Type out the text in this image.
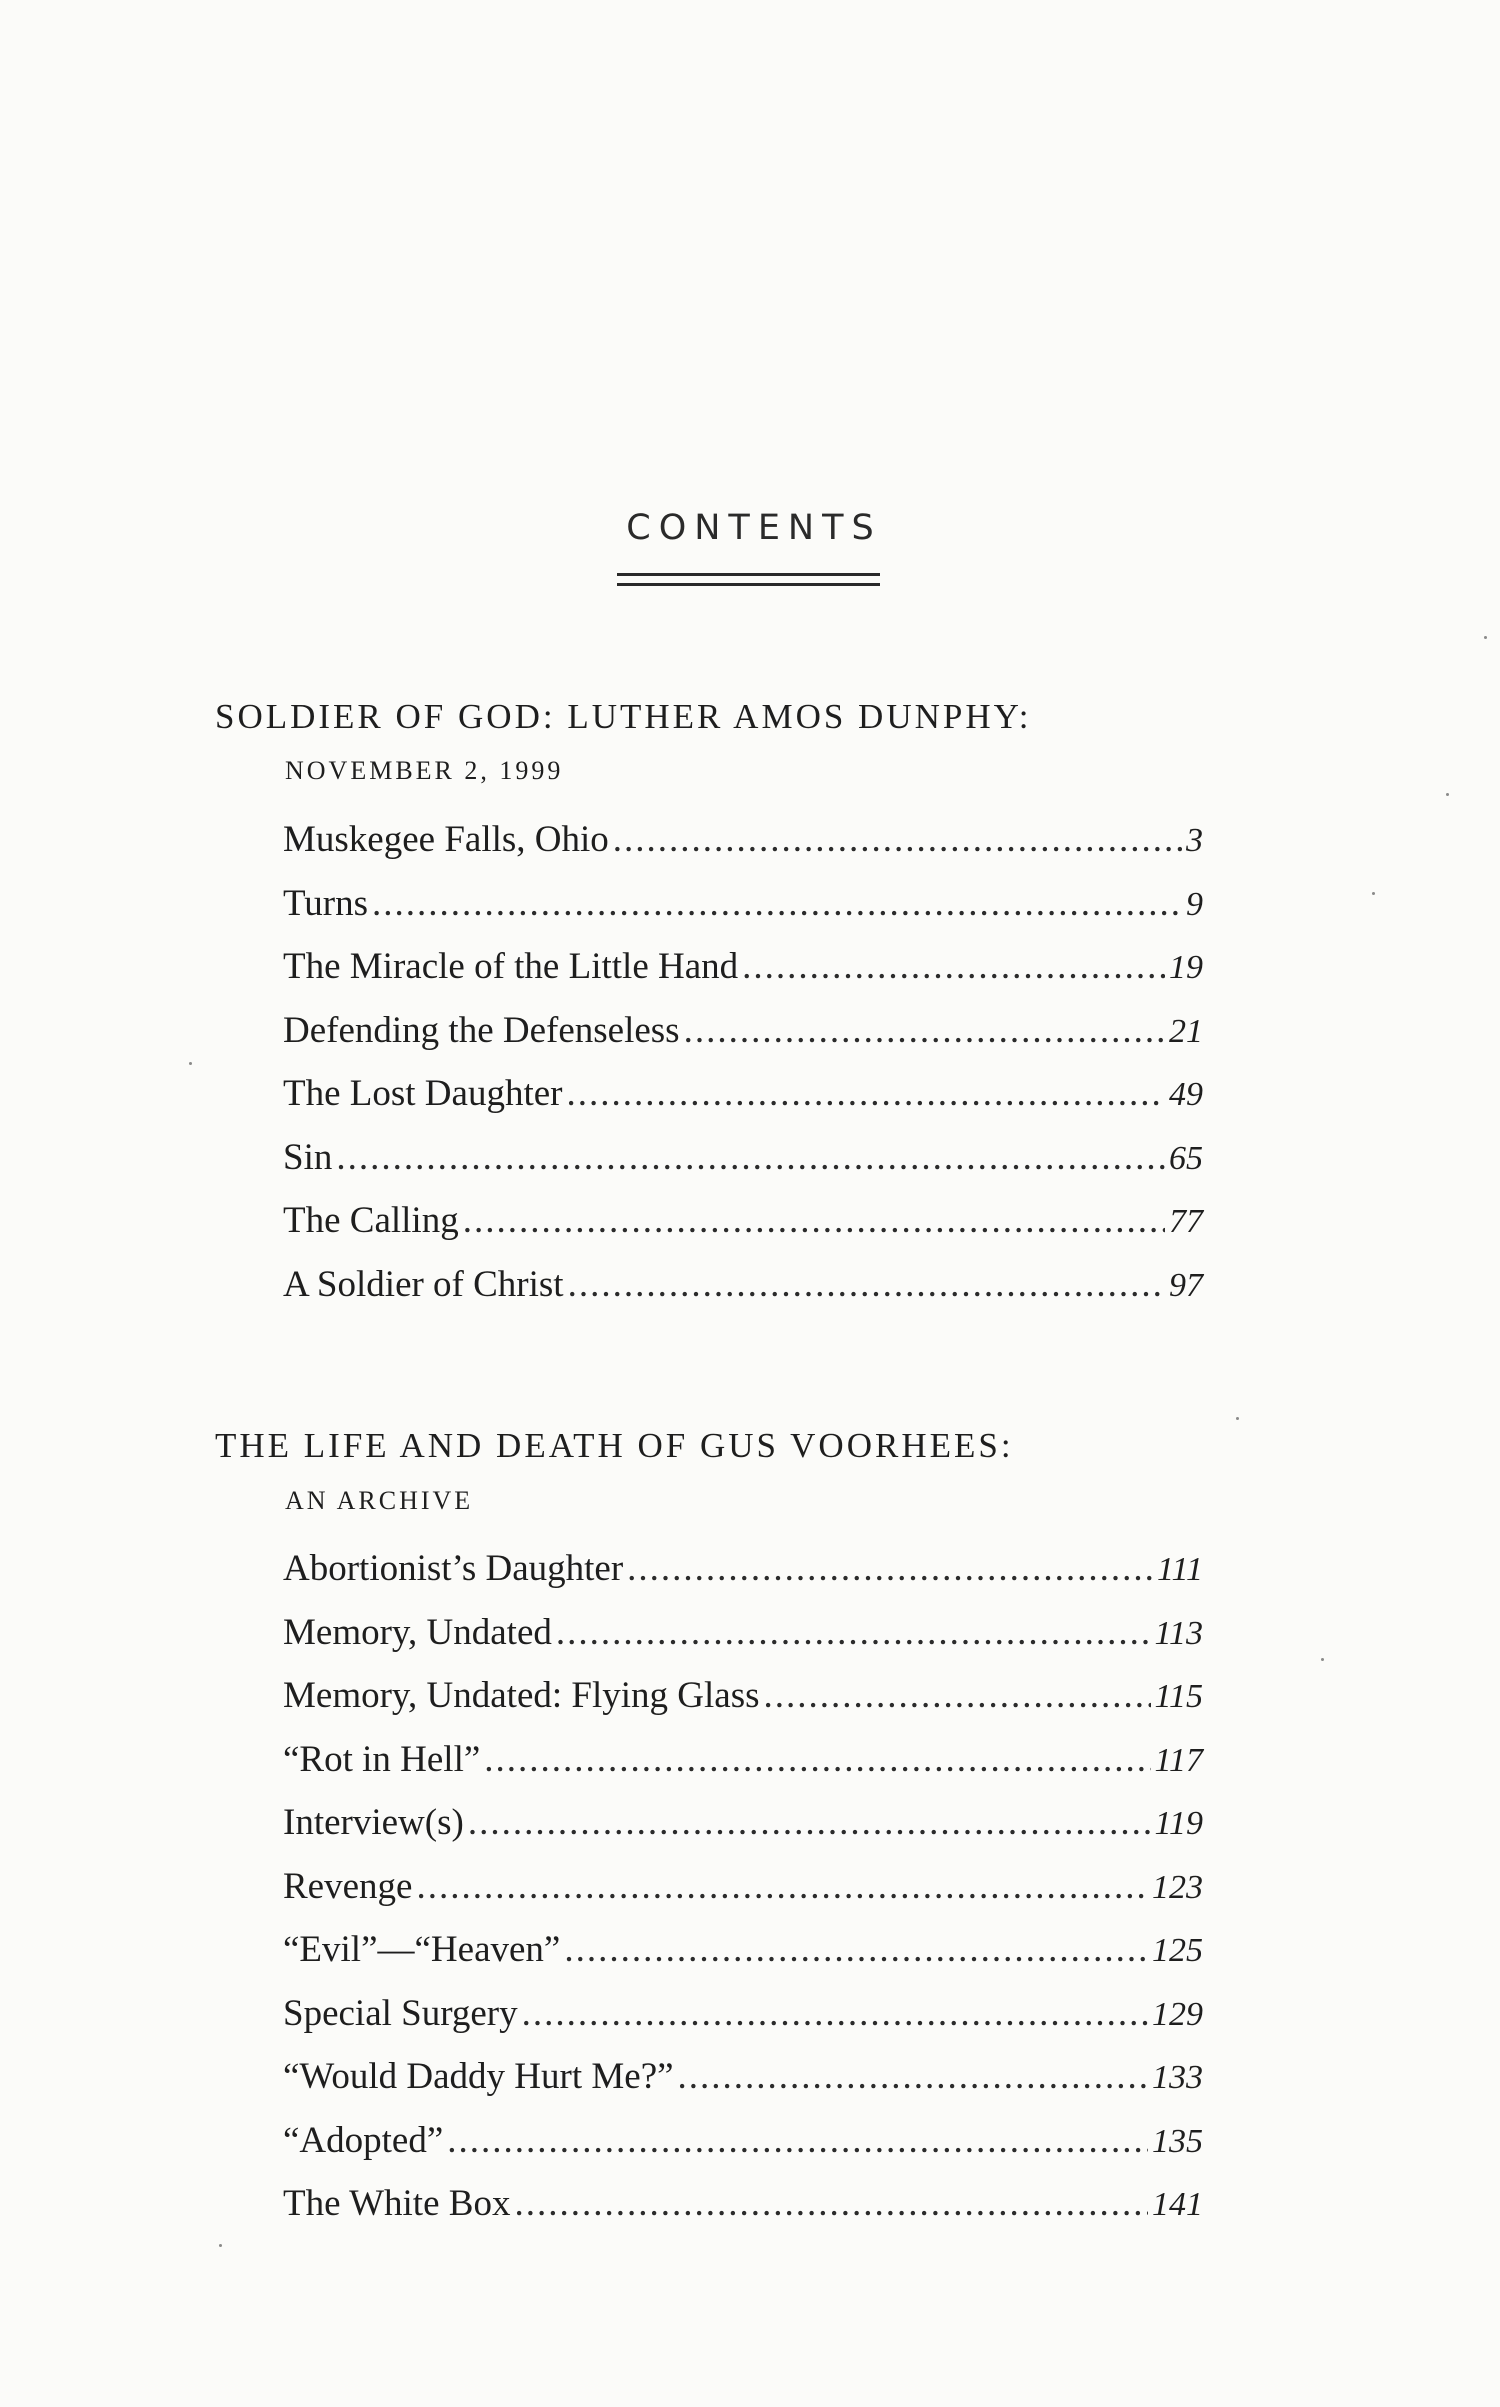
CONTENTS
SOLDIER OF GOD: LUTHER AMOS DUNPHY:
NOVEMBER 2, 1999
Muskegee Falls, Ohio .....	3
Turns .....	9
The Miracle of the Little Hand .....	19
Defending the Defenseless .....	21
The Lost Daughter .....	49
Sin .....	65
The Calling .....	77
A Soldier of Christ .....	97
THE LIFE AND DEATH OF GUS VOORHEES:
AN ARCHIVE
Abortionist’s Daughter .....	111
Memory, Undated .....	113
Memory, Undated: Flying Glass .....	115
“Rot in Hell” .....	117
Interview(s) .....	119
Revenge .....	123
“Evil”—“Heaven” .....	125
Special Surgery .....	129
“Would Daddy Hurt Me?” .....	133
“Adopted” .....	135
The White Box .....	141
